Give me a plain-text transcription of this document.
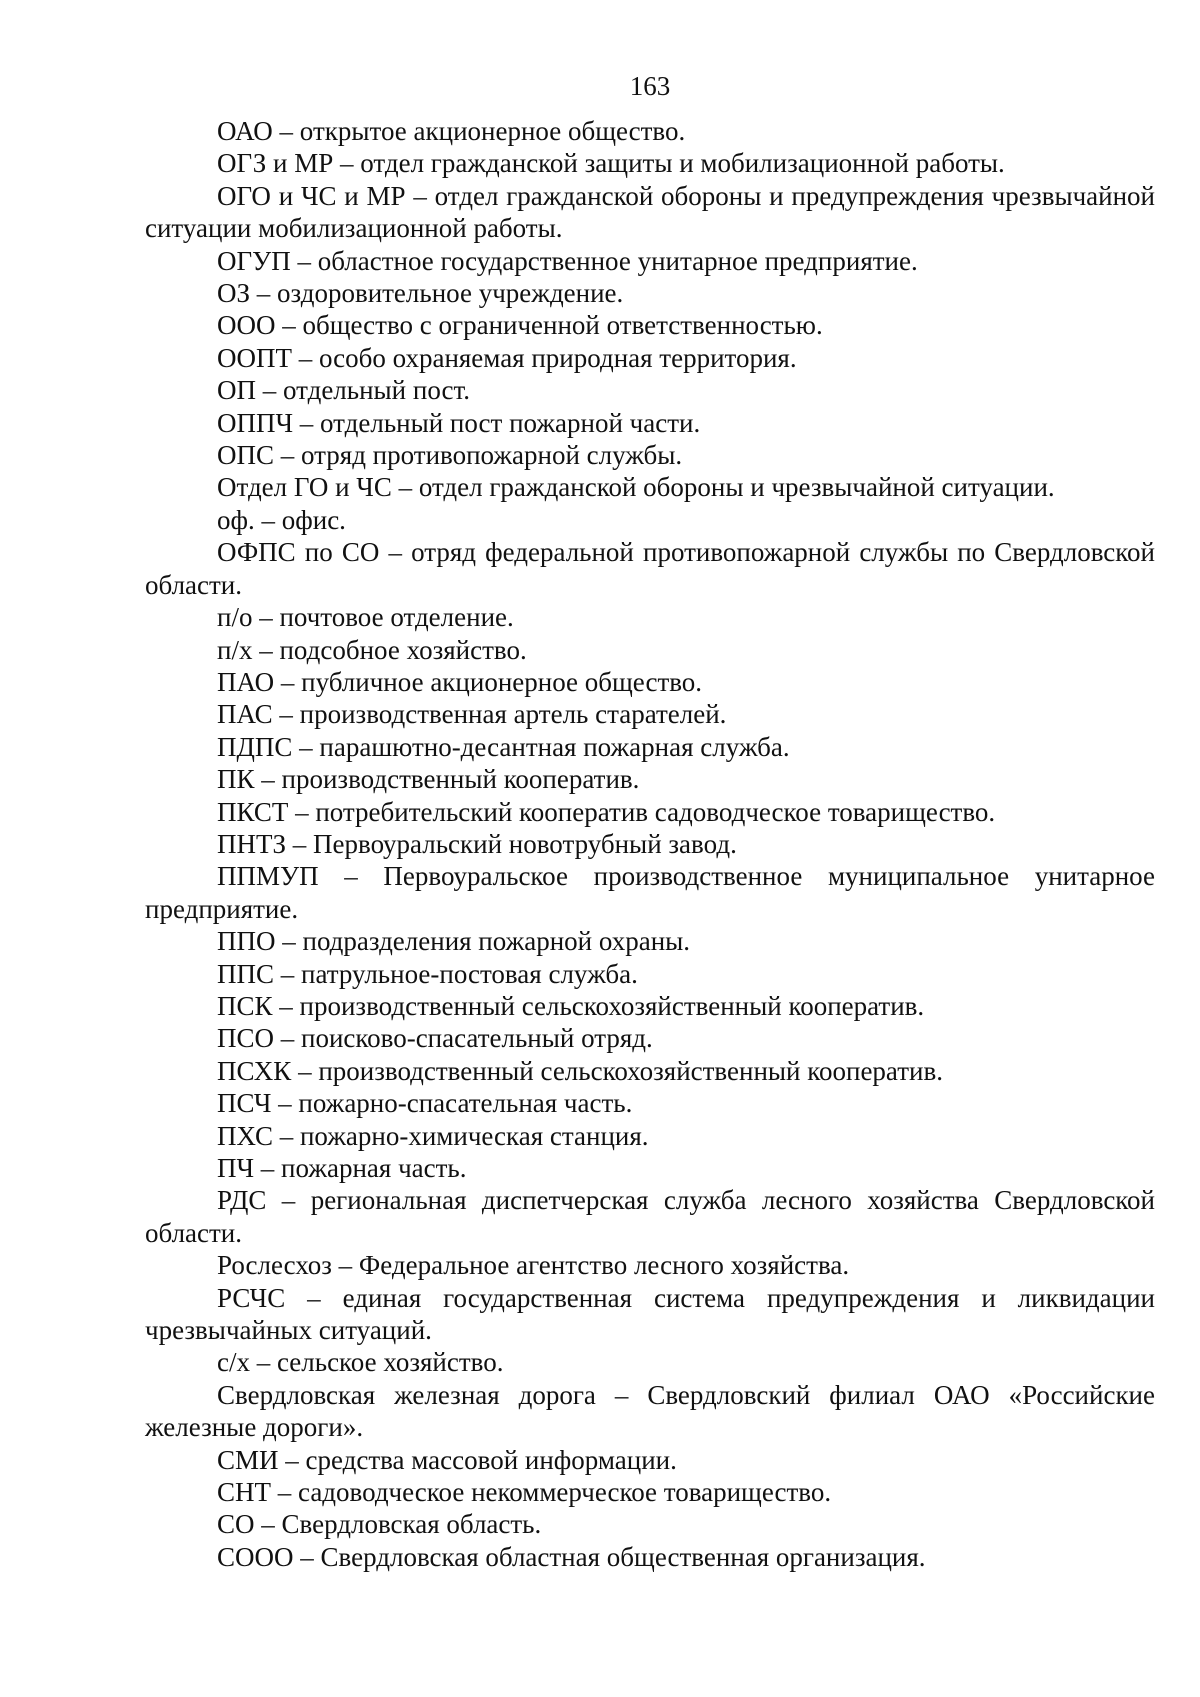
163

ОАО – открытое акционерное общество.

ОГЗ и МР – отдел гражданской защиты и мобилизационной работы.

ОГО и ЧС и МР – отдел гражданской обороны и предупреждения чрезвычайной ситуации мобилизационной работы.

ОГУП – областное государственное унитарное предприятие.

ОЗ – оздоровительное учреждение.

ООО – общество с ограниченной ответственностью.

ООПТ – особо охраняемая природная территория.

ОП – отдельный пост.

ОППЧ – отдельный пост пожарной части.

ОПС – отряд противопожарной службы.

Отдел ГО и ЧС – отдел гражданской обороны и чрезвычайной ситуации.

оф. – офис.

ОФПС по СО – отряд федеральной противопожарной службы по Свердловской области.

п/о – почтовое отделение.

п/х – подсобное хозяйство.

ПАО – публичное акционерное общество.

ПАС – производственная артель старателей.

ПДПС – парашютно-десантная пожарная служба.

ПК – производственный кооператив.

ПКСТ – потребительский кооператив садоводческое товарищество.

ПНТЗ – Первоуральский новотрубный завод.

ППМУП – Первоуральское производственное муниципальное унитарное предприятие.

ППО – подразделения пожарной охраны.

ППС – патрульное-постовая служба.

ПСК – производственный сельскохозяйственный кооператив.

ПСО – поисково-спасательный отряд.

ПСХК – производственный сельскохозяйственный кооператив.

ПСЧ – пожарно-спасательная часть.

ПХС – пожарно-химическая станция.

ПЧ – пожарная часть.

РДС – региональная диспетчерская служба лесного хозяйства Свердловской области.

Рослесхоз – Федеральное агентство лесного хозяйства.

РСЧС – единая государственная система предупреждения и ликвидации чрезвычайных ситуаций.

с/х – сельское хозяйство.

Свердловская железная дорога – Свердловский филиал ОАО «Российские железные дороги».

СМИ – средства массовой информации.

СНТ – садоводческое некоммерческое товарищество.

СО – Свердловская область.

СООО – Свердловская областная общественная организация.
